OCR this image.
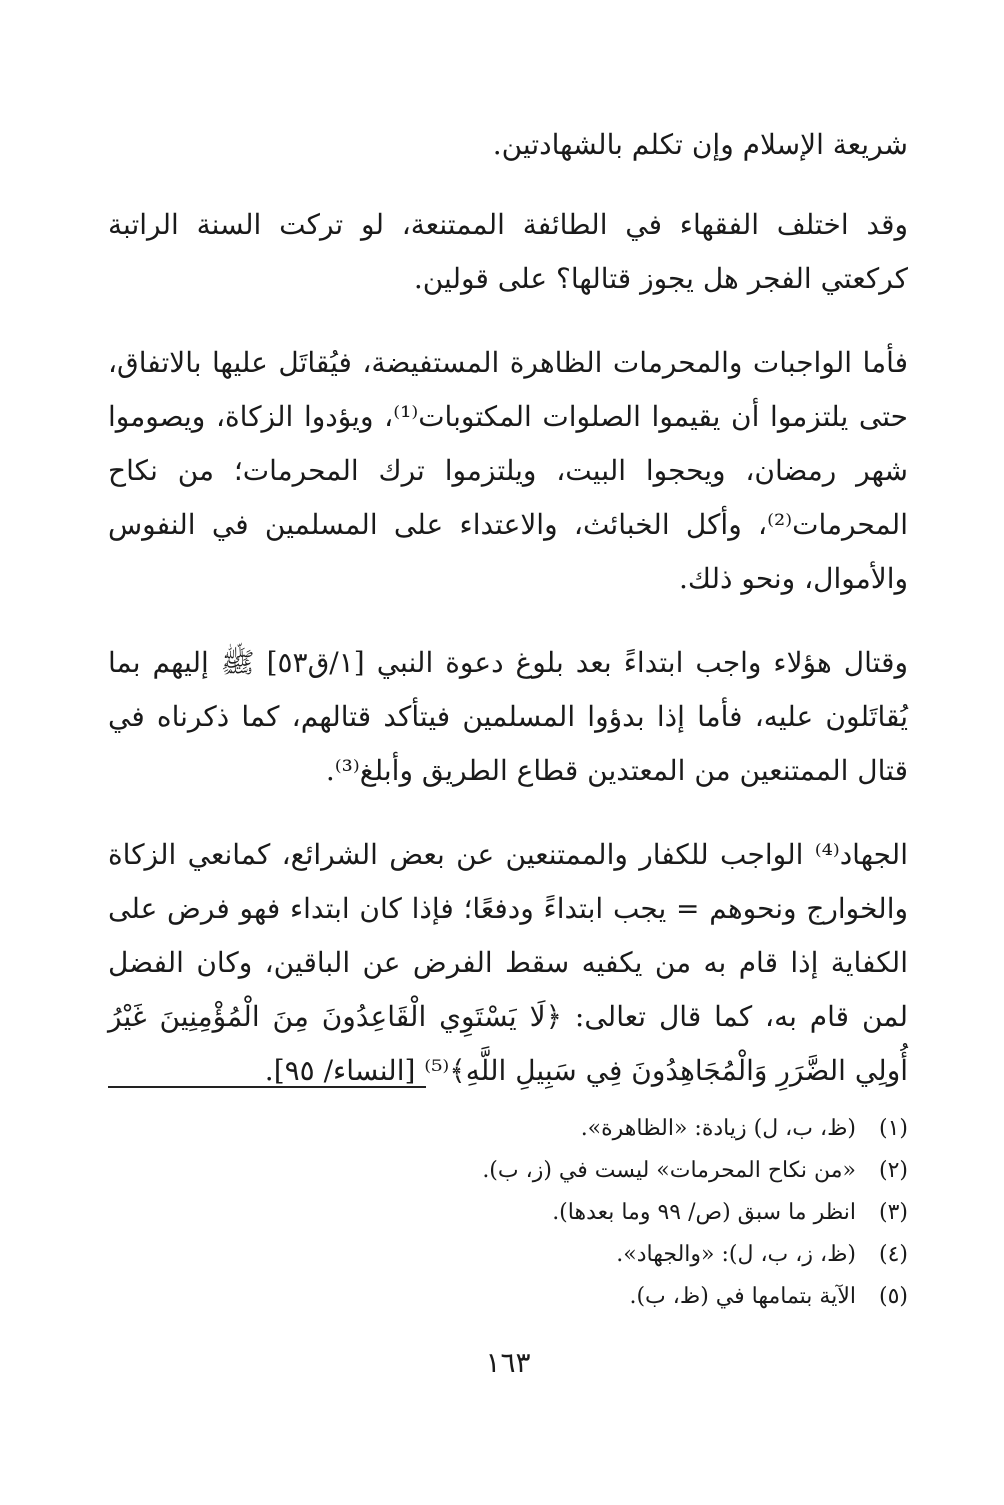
شريعة الإسلام وإن تكلم بالشهادتين.

وقد اختلف الفقهاء في الطائفة الممتنعة، لو تركت السنة الراتبة كركعتي الفجر هل يجوز قتالها؟ على قولين.

فأما الواجبات والمحرمات الظاهرة المستفيضة، فيُقاتَل عليها بالاتفاق، حتى يلتزموا أن يقيموا الصلوات المكتوبات⁽¹⁾، ويؤدوا الزكاة، ويصوموا شهر رمضان، ويحجوا البيت، ويلتزموا ترك المحرمات؛ من نكاح المحرمات⁽²⁾، وأكل الخبائث، والاعتداء على المسلمين في النفوس والأموال، ونحو ذلك.

وقتال هؤلاء واجب ابتداءً بعد بلوغ دعوة النبي [١/ق٥٣] ﷺ إليهم بما يُقاتَلون عليه، فأما إذا بدؤوا المسلمين فيتأكد قتالهم، كما ذكرناه في قتال الممتنعين من المعتدين قطاع الطريق وأبلغ⁽³⁾.

الجهاد⁽⁴⁾ الواجب للكفار والممتنعين عن بعض الشرائع، كمانعي الزكاة والخوارج ونحوهم = يجب ابتداءً ودفعًا؛ فإذا كان ابتداء فهو فرض على الكفاية إذا قام به من يكفيه سقط الفرض عن الباقين، وكان الفضل لمن قام به، كما قال تعالى: ﴿لَا يَسْتَوِي الْقَاعِدُونَ مِنَ الْمُؤْمِنِينَ غَيْرُ أُولِي الضَّرَرِ وَالْمُجَاهِدُونَ فِي سَبِيلِ اللَّهِ﴾⁽⁵⁾ [النساء/ ٩٥].

(١)(ظ، ب، ل) زيادة: «الظاهرة».
(٢)«من نكاح المحرمات» ليست في (ز، ب).
(٣)انظر ما سبق (ص/ ٩٩ وما بعدها).
(٤)(ظ، ز، ب، ل): «والجهاد».
(٥)الآية بتمامها في (ظ، ب).
١٦٣
